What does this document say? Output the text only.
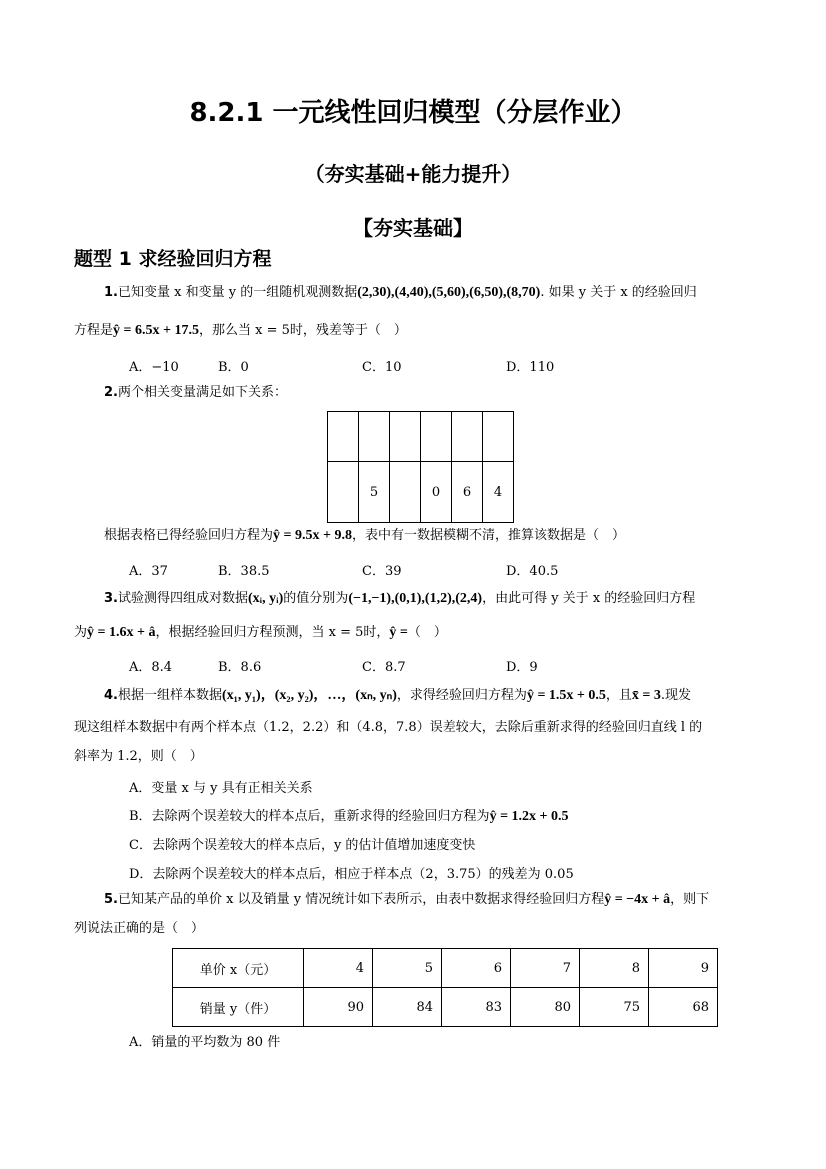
8.2.1 一元线性回归模型（分层作业）
（夯实基础+能力提升）
【夯实基础】
题型 1 求经验回归方程
1.已知变量 x 和变量 y 的一组随机观测数据(2,30),(4,40),(5,60),(6,50),(8,70). 如果 y 关于 x 的经验回归
方程是ŷ = 6.5x + 17.5，那么当 x = 5时，残差等于（　）
A．−10	B．0	C．10	D．110
2.两个相关变量满足如下关系：

	5		0	6	4
根据表格已得经验回归方程为ŷ = 9.5x + 9.8，表中有一数据模糊不清，推算该数据是（　）
A．37	B．38.5	C．39	D．40.5
3.试验测得四组成对数据(xᵢ, yᵢ)的值分别为(−1,−1),(0,1),(1,2),(2,4)，由此可得 y 关于 x 的经验回归方程
为ŷ = 1.6x + â，根据经验回归方程预测，当 x = 5时，ŷ =（　）
A．8.4	B．8.6	C．8.7	D．9
4.根据一组样本数据(x₁, y₁)，(x₂, y₂)，…，(xₙ, yₙ)，求得经验回归方程为ŷ = 1.5x + 0.5，且x̄ = 3.现发
现这组样本数据中有两个样本点（1.2，2.2）和（4.8，7.8）误差较大，去除后重新求得的经验回归直线 l 的
斜率为 1.2，则（　）
A．变量 x 与 y 具有正相关关系
B．去除两个误差较大的样本点后，重新求得的经验回归方程为ŷ = 1.2x + 0.5
C．去除两个误差较大的样本点后，y 的估计值增加速度变快
D．去除两个误差较大的样本点后，相应于样本点（2，3.75）的残差为 0.05
5.已知某产品的单价 x 以及销量 y 情况统计如下表所示，由表中数据求得经验回归方程ŷ = −4x + â，则下
列说法正确的是（　）
单价 x（元）	4	5	6	7	8	9
销量 y（件）	90	84	83	80	75	68
A．销量的平均数为 80 件
